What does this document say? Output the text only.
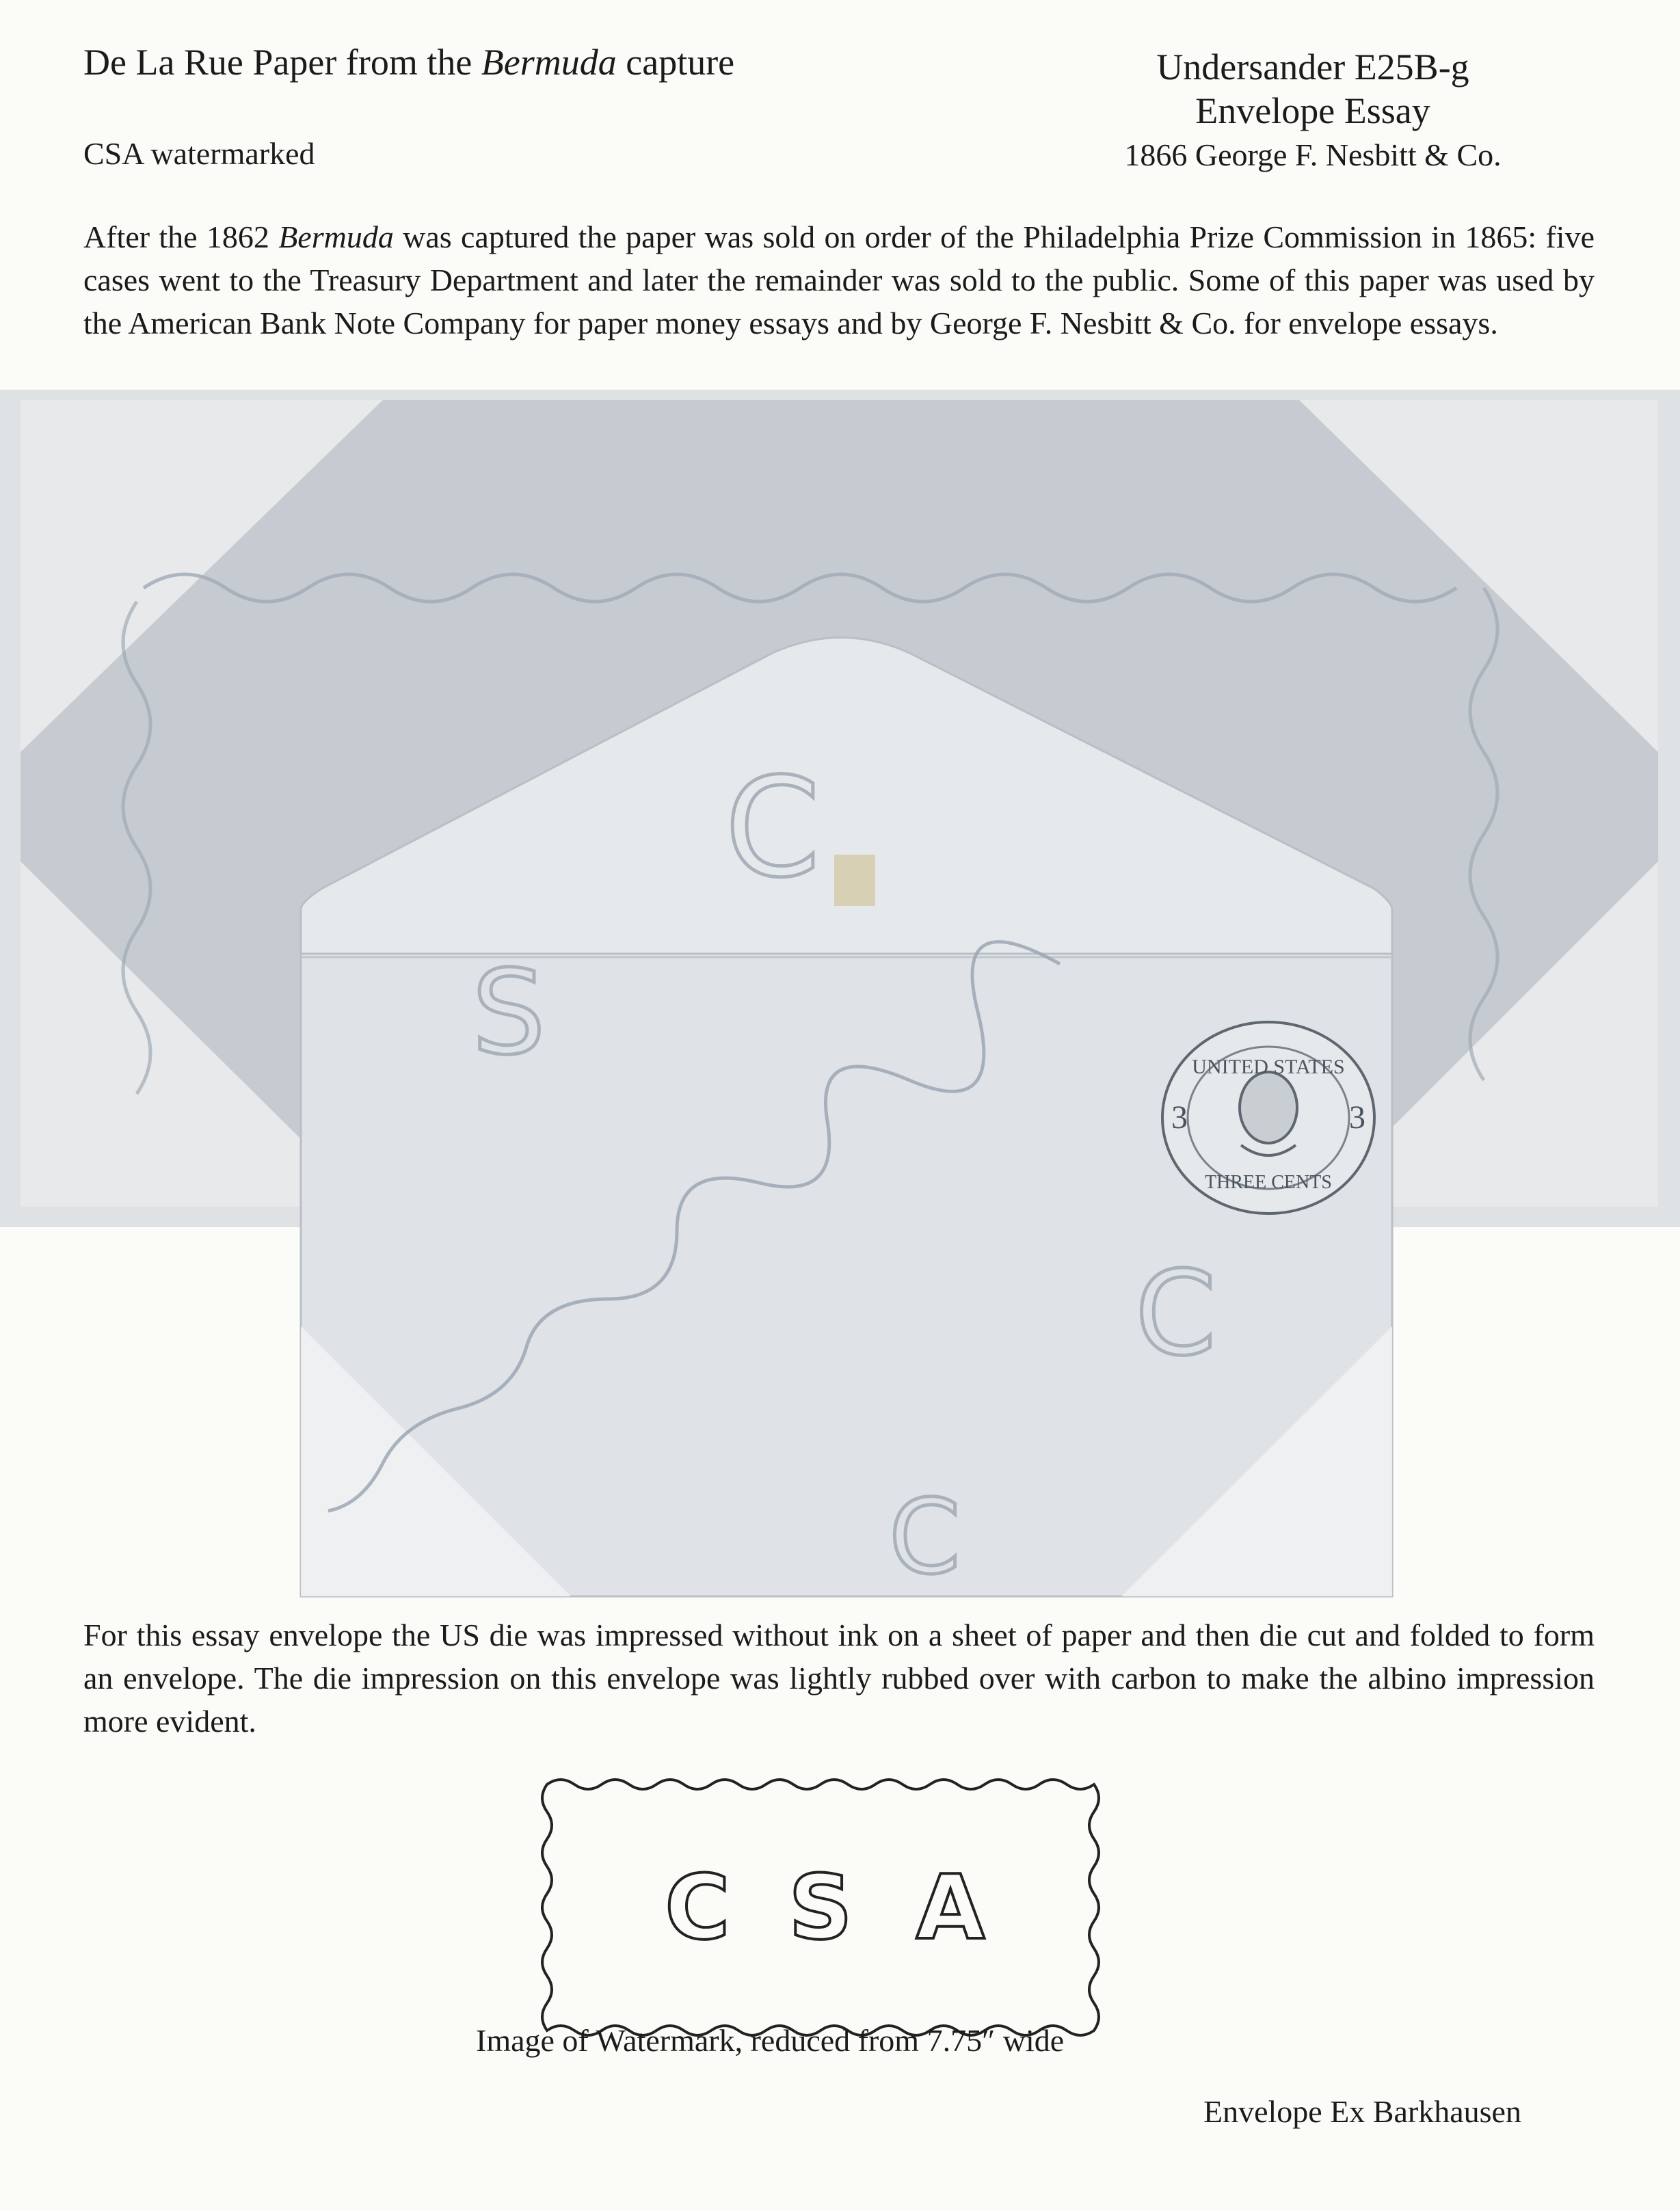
De La Rue Paper from the Bermuda capture
CSA watermarked
Undersander E25B-g
Envelope Essay
1866 George F. Nesbitt & Co.
After the 1862 Bermuda was captured the paper was sold on order of the Philadelphia Prize Commission in 1865: five cases went to the Treasury Department and later the remainder was sold to the public. Some of this paper was used by the American Bank Note Company for paper money essays and by George F. Nesbitt & Co. for envelope essays.
S
C
C
C
UNITED STATES
THREE CENTS
3	3
For this essay envelope the US die was impressed without ink on a sheet of paper and then die cut and folded to form an envelope. The die impression on this envelope was lightly rubbed over with carbon to make the albino impression more evident.
C S A
Image of Watermark, reduced from 7.75″ wide
Envelope Ex Barkhausen
